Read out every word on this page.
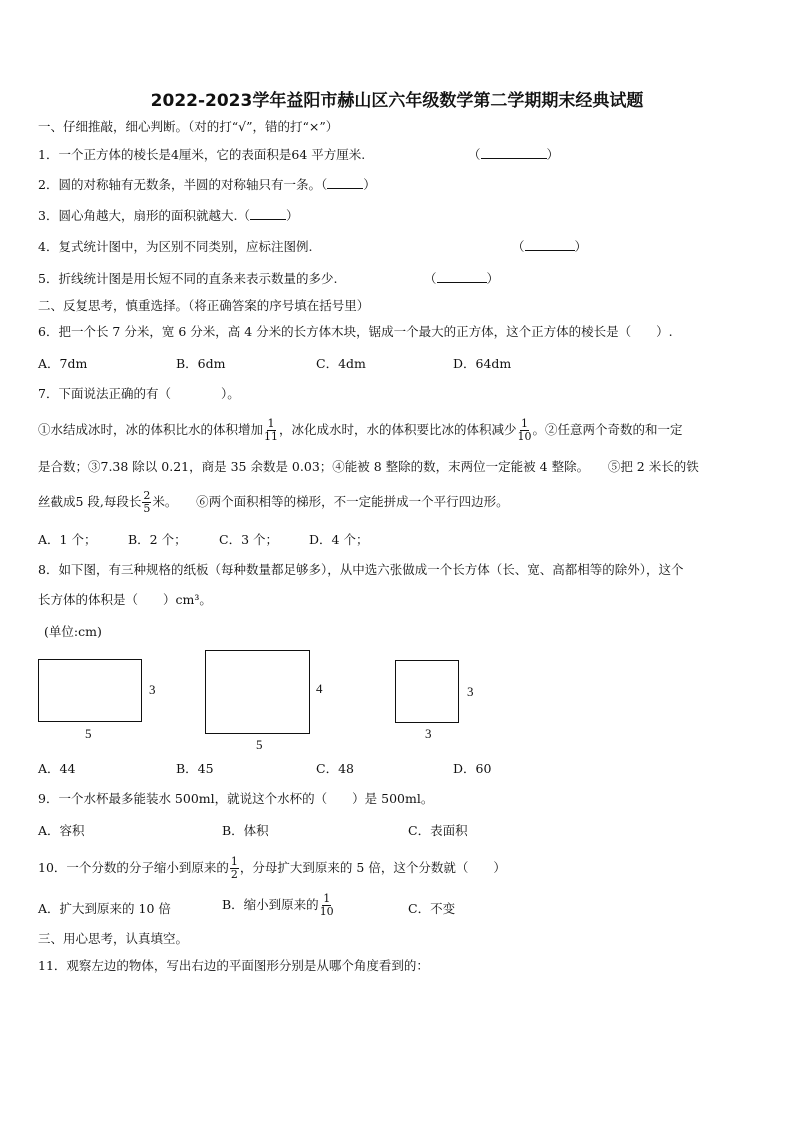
2022-2023学年益阳市赫山区六年级数学第二学期期末经典试题
一、仔细推敲，细心判断。（对的打“√”，错的打“×”）
1．一个正方体的棱长是4厘米，它的表面积是64 平方厘米.	（	）
2．圆的对称轴有无数条，半圆的对称轴只有一条。（	）
3．圆心角越大，扇形的面积就越大.（	）
4．复式统计图中，为区别不同类别，应标注图例.	（	）
5．折线统计图是用长短不同的直条来表示数量的多少.	（	）
二、反复思考，慎重选择。（将正确答案的序号填在括号里）
6．把一个长 7 分米，宽 6 分米，高 4 分米的长方体木块，锯成一个最大的正方体，这个正方体的棱长是（　　）.
A．7dm	B．6dm	C．4dm	D．64dm
7．下面说法正确的有（　　　　）。
①水结成冰时，冰的体积比水的体积增加 $\frac{1}{11}$ ，冰化成水时，水的体积要比冰的体积减少 $\frac{1}{10}$ 。②任意两个奇数的和一定
是合数；③7.38 除以 0.21，商是 35 余数是 0.03；④能被 8 整除的数，末两位一定能被 4 整除。　　⑤把 2 米长的铁
丝截成5 段,每段长 $\frac{2}{5}$ 米。　　⑥两个面积相等的梯形，不一定能拼成一个平行四边形。
A．1 个；	B．2 个；	C．3 个； D．4 个；
8．如下图，有三种规格的纸板（每种数量都足够多），从中选六张做成一个长方体（长、宽、高都相等的除外），这个
长方体的体积是（　　）cm³。
(单位:cm)
3
5
4
5
3
3
A．44	B．45	C．48	D．60
9．一个水杯最多能装水 500ml，就说这个水杯的（　　）是 500ml。
A．容积	B．体积	C．表面积
10．一个分数的分子缩小到原来的 $\frac{1}{2}$ ，分母扩大到原来的 5 倍，这个分数就（　　）
A．扩大到原来的 10 倍	B．缩小到原来的 $\frac{1}{10}$	C．不变
三、用心思考，认真填空。
11．观察左边的物体，写出右边的平面图形分别是从哪个角度看到的：
